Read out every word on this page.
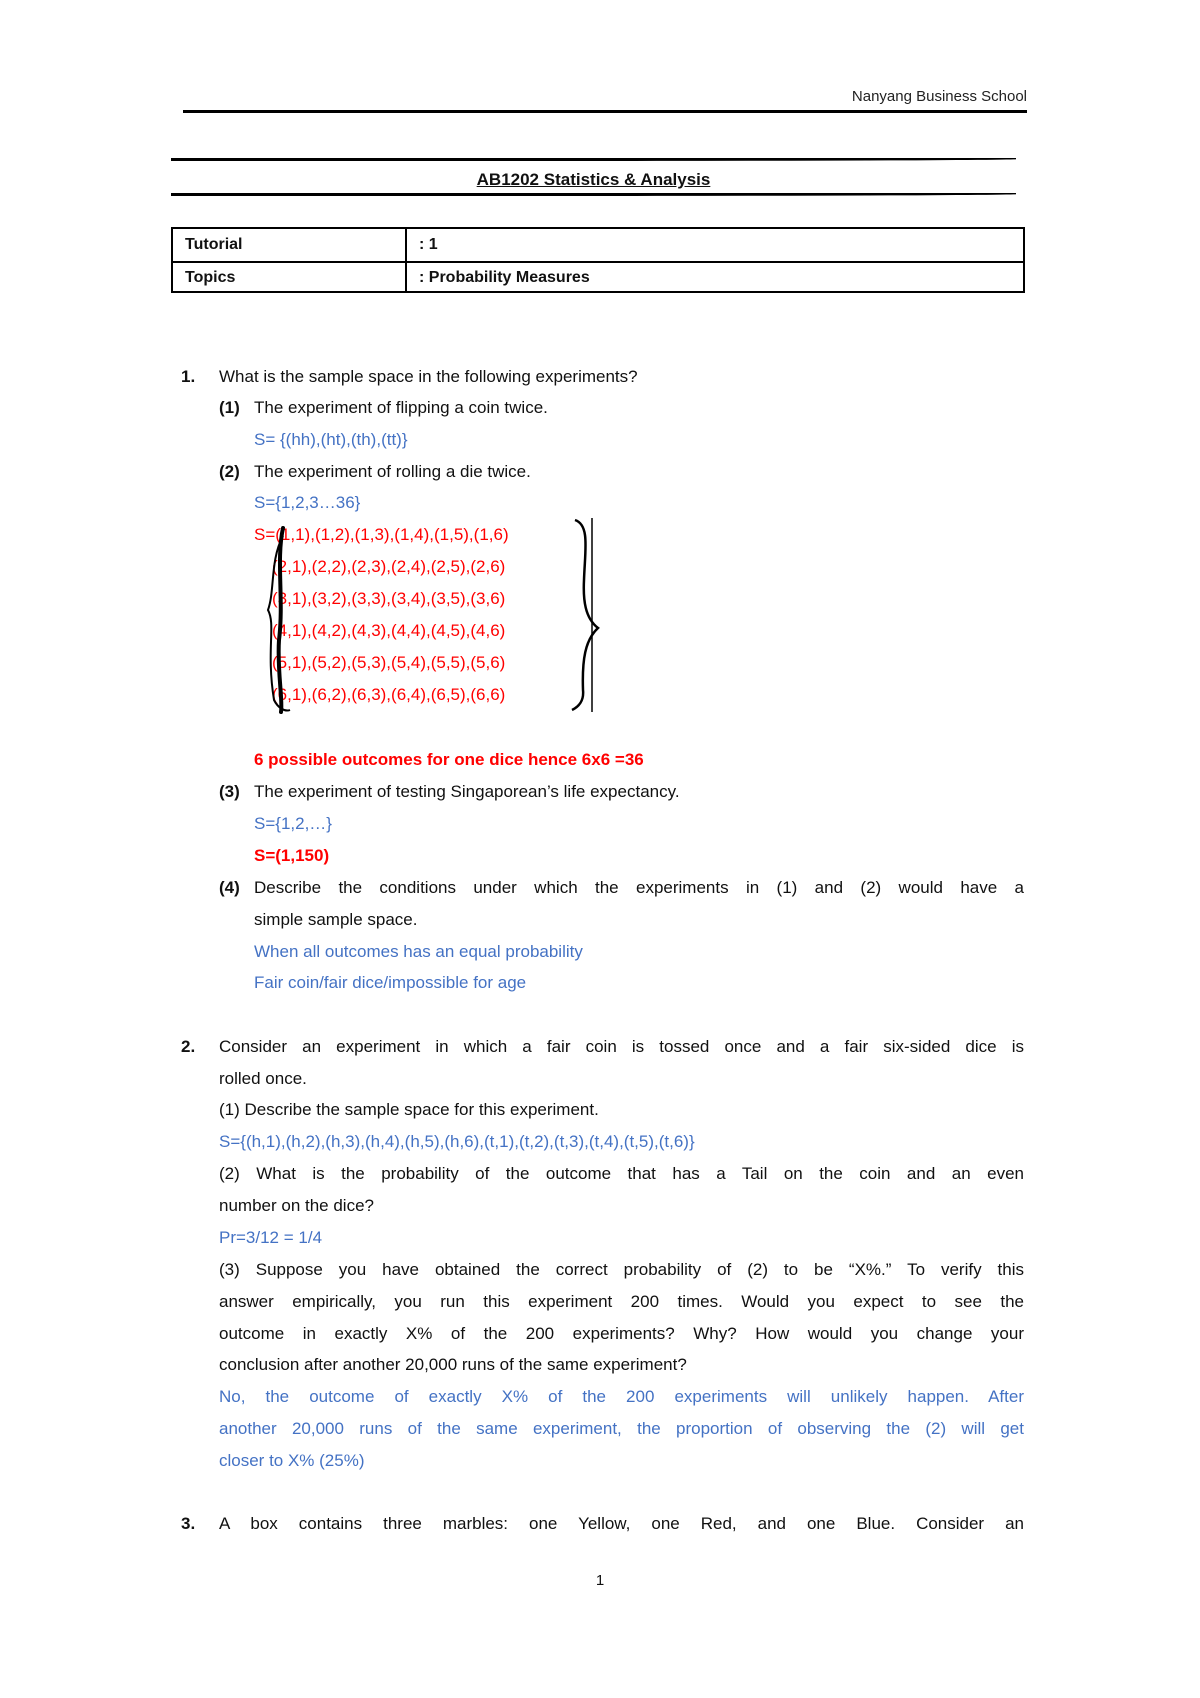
Nanyang Business School
AB1202 Statistics & Analysis
Tutorial	: 1
Topics	: Probability Measures
1. What is the sample space in the following experiments?
(1) The experiment of flipping a coin twice.
S= {(hh),(ht),(th),(tt)}
(2) The experiment of rolling a die twice.
S={1,2,3…36}
S=(1,1),(1,2),(1,3),(1,4),(1,5),(1,6)
(2,1),(2,2),(2,3),(2,4),(2,5),(2,6)
(3,1),(3,2),(3,3),(3,4),(3,5),(3,6)
(4,1),(4,2),(4,3),(4,4),(4,5),(4,6)
(5,1),(5,2),(5,3),(5,4),(5,5),(5,6)
(6,1),(6,2),(6,3),(6,4),(6,5),(6,6)
6 possible outcomes for one dice hence 6x6 =36
(3) The experiment of testing Singaporean’s life expectancy.
S={1,2,…}
S=(1,150)
(4) Describe the conditions under which the experiments in (1) and (2) would have a
simple sample space.
When all outcomes has an equal probability
Fair coin/fair dice/impossible for age
2. Consider an experiment in which a fair coin is tossed once and a fair six-sided dice is
rolled once.
(1) Describe the sample space for this experiment.
S={(h,1),(h,2),(h,3),(h,4),(h,5),(h,6),(t,1),(t,2),(t,3),(t,4),(t,5),(t,6)}
(2) What is the probability of the outcome that has a Tail on the coin and an even
number on the dice?
Pr=3/12 = 1/4
(3) Suppose you have obtained the correct probability of (2) to be “X%.” To verify this
answer empirically, you run this experiment 200 times. Would you expect to see the
outcome in exactly X% of the 200 experiments? Why? How would you change your
conclusion after another 20,000 runs of the same experiment?
No, the outcome of exactly X% of the 200 experiments will unlikely happen. After
another 20,000 runs of the same experiment, the proportion of observing the (2) will get
closer to X% (25%)
3. A box contains three marbles: one Yellow, one Red, and one Blue. Consider an
1
